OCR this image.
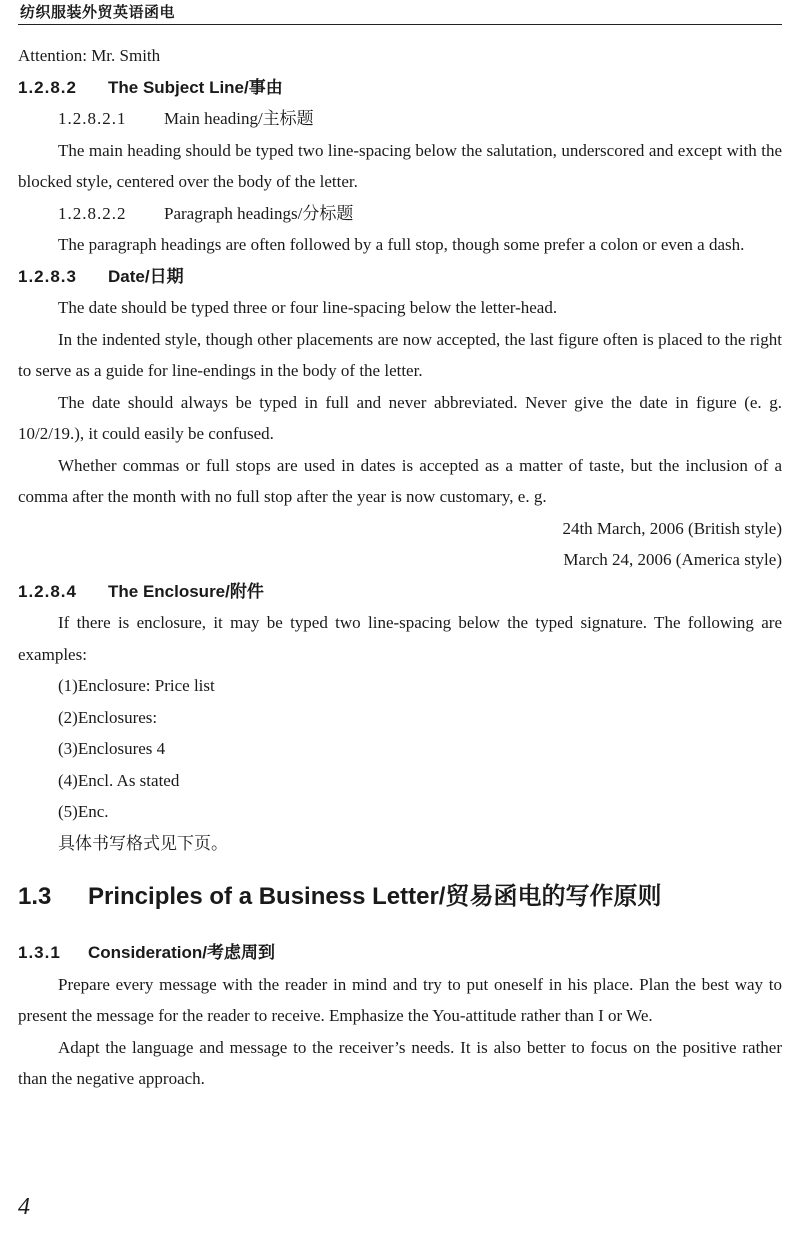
纺织服装外贸英语函电

Attention: Mr. Smith

1.2.8.2 The Subject Line/事由

1.2.8.2.1 Main heading/主标题

The main heading should be typed two line-spacing below the salutation, underscored and except with the blocked style, centered over the body of the letter.

1.2.8.2.2 Paragraph headings/分标题

The paragraph headings are often followed by a full stop, though some prefer a colon or even a dash.

1.2.8.3 Date/日期

The date should be typed three or four line-spacing below the letter-head.

In the indented style, though other placements are now accepted, the last figure often is placed to the right to serve as a guide for line-endings in the body of the letter.

The date should always be typed in full and never abbreviated. Never give the date in figure (e. g. 10/2/19.), it could easily be confused.

Whether commas or full stops are used in dates is accepted as a matter of taste, but the inclusion of a comma after the month with no full stop after the year is now customary, e. g.

24th March, 2006 (British style)

March 24, 2006 (America style)

1.2.8.4 The Enclosure/附件

If there is enclosure, it may be typed two line-spacing below the typed signature. The following are examples:

(1)Enclosure: Price list

(2)Enclosures:

(3)Enclosures 4

(4)Encl. As stated

(5)Enc.

具体书写格式见下页。

1.3 Principles of a Business Letter/贸易函电的写作原则

1.3.1 Consideration/考虑周到

Prepare every message with the reader in mind and try to put oneself in his place. Plan the best way to present the message for the reader to receive. Emphasize the You-attitude rather than I or We.

Adapt the language and message to the receiver’s needs. It is also better to focus on the positive rather than the negative approach.

4
